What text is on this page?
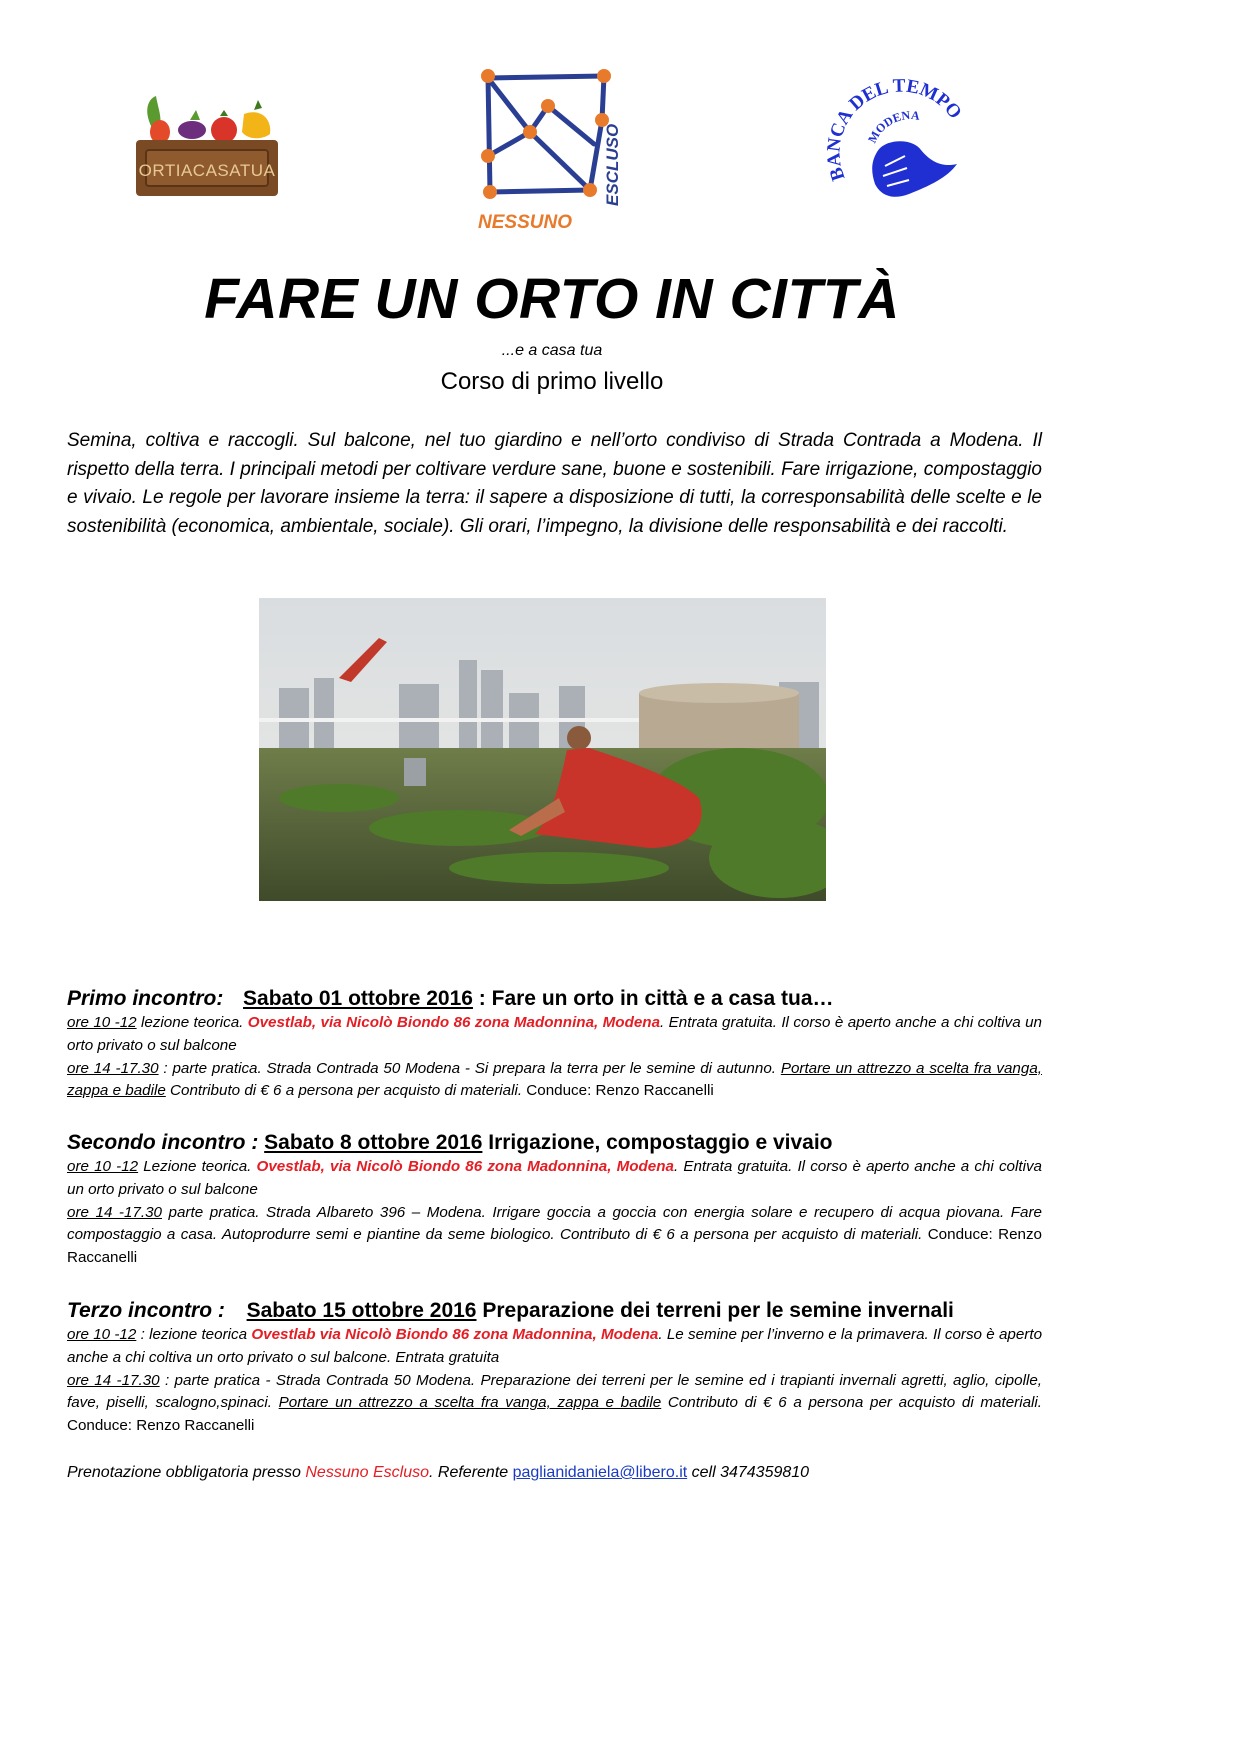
ORTIACASATUA
NESSUNO
ESCLUSO	BANCA DEL TEMPO
MODENA
FARE UN ORTO IN CITTÀ
...e a casa tua
Corso di primo livello
Semina, coltiva e raccogli. Sul balcone, nel tuo giardino e nell’orto condiviso di Strada Contrada a Modena. Il rispetto della terra. I principali metodi per coltivare verdure sane, buone e sostenibili. Fare irrigazione, compostaggio e vivaio. Le regole per lavorare insieme la terra: il sapere a disposizione di tutti, la corresponsabilità delle scelte e le sostenibilità (economica, ambientale, sociale). Gli orari, l’impegno, la divisione delle responsabilità e dei raccolti.
Primo incontro: Sabato 01 ottobre 2016 : Fare un orto in città e a casa tua…
ore 10 -12 lezione teorica. Ovestlab, via Nicolò Biondo 86 zona Madonnina, Modena. Entrata gratuita. Il corso è aperto anche a chi coltiva un orto privato o sul balcone
ore 14 -17.30 : parte pratica. Strada Contrada 50 Modena - Si prepara la terra per le semine di autunno. Portare un attrezzo a scelta fra vanga, zappa e badile Contributo di € 6 a persona per acquisto di materiali. Conduce: Renzo Raccanelli
Secondo incontro : Sabato 8 ottobre 2016 Irrigazione, compostaggio e vivaio
ore 10 -12 Lezione teorica. Ovestlab, via Nicolò Biondo 86 zona Madonnina, Modena. Entrata gratuita. Il corso è aperto anche a chi coltiva un orto privato o sul balcone
ore 14 -17.30 parte pratica. Strada Albareto 396 – Modena. Irrigare goccia a goccia con energia solare e recupero di acqua piovana. Fare compostaggio a casa. Autoprodurre semi e piantine da seme biologico. Contributo di € 6 a persona per acquisto di materiali. Conduce: Renzo Raccanelli
Terzo incontro : Sabato 15 ottobre 2016 Preparazione dei terreni per le semine invernali
ore 10 -12 : lezione teorica Ovestlab via Nicolò Biondo 86 zona Madonnina, Modena. Le semine per l’inverno e la primavera. Il corso è aperto anche a chi coltiva un orto privato o sul balcone. Entrata gratuita
ore 14 -17.30 : parte pratica - Strada Contrada 50 Modena. Preparazione dei terreni per le semine ed i trapianti invernali agretti, aglio, cipolle, fave, piselli, scalogno,spinaci. Portare un attrezzo a scelta fra vanga, zappa e badile Contributo di € 6 a persona per acquisto di materiali. Conduce: Renzo Raccanelli
Prenotazione obbligatoria presso Nessuno Escluso. Referente paglianidaniela@libero.it cell 3474359810
